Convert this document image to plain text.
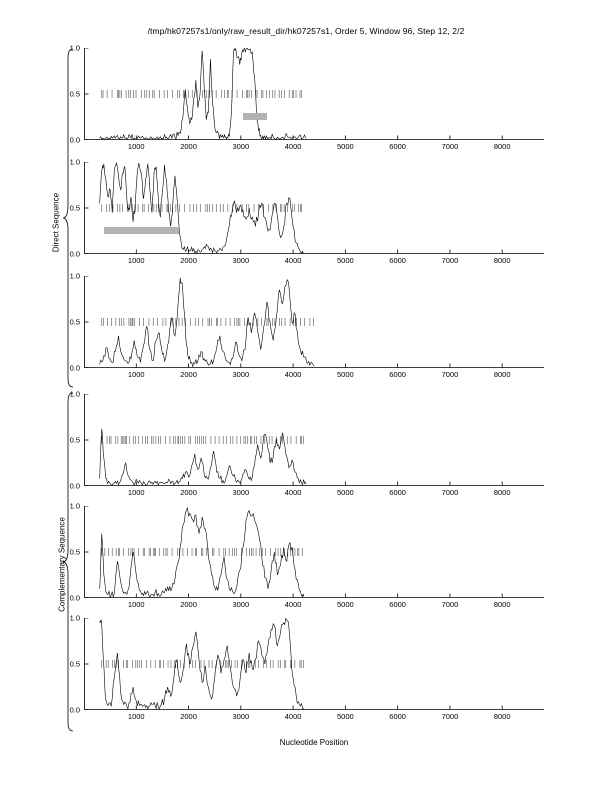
/tmp/hk07257s1/only/raw_result_dir/hk07257s1, Order 5, Window 96, Step 12, 2/2
Nucleotide Position
Direct Sequence
Complementary Sequence
0.0
0.5
1.0
1000	2000	3000	4000	5000	6000	7000	8000
0.0
0.5
1.0
1000	2000	3000	4000	5000	6000	7000	8000
0.0
0.5
1.0
1000	2000	3000	4000	5000	6000	7000	8000
0.0
0.5
1.0
1000	2000	3000	4000	5000	6000	7000	8000
0.0
0.5
1.0
1000	2000	3000	4000	5000	6000	7000	8000
0.0
0.5
1.0
1000	2000	3000	4000	5000	6000	7000	8000
